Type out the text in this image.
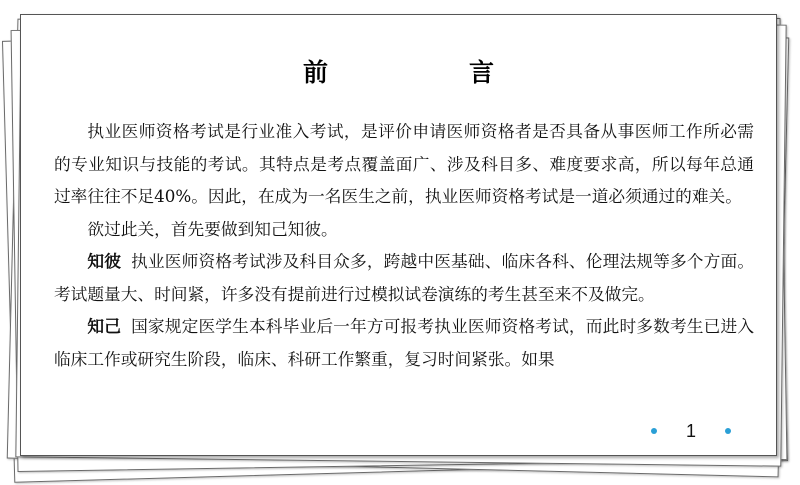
前　言

执业医师资格考试是行业准入考试，是评价申请医师资格者是否具备从事医师工作所必需的专业知识与技能的考试。其特点是考点覆盖面广、涉及科目多、难度要求高，所以每年总通过率往往不足40%。因此，在成为一名医生之前，执业医师资格考试是一道必须通过的难关。

欲过此关，首先要做到知己知彼。

知彼 执业医师资格考试涉及科目众多，跨越中医基础、临床各科、伦理法规等多个方面。考试题量大、时间紧，许多没有提前进行过模拟试卷演练的考生甚至来不及做完。

知己 国家规定医学生本科毕业后一年方可报考执业医师资格考试，而此时多数考生已进入临床工作或研究生阶段，临床、科研工作繁重，复习时间紧张。如果

1
